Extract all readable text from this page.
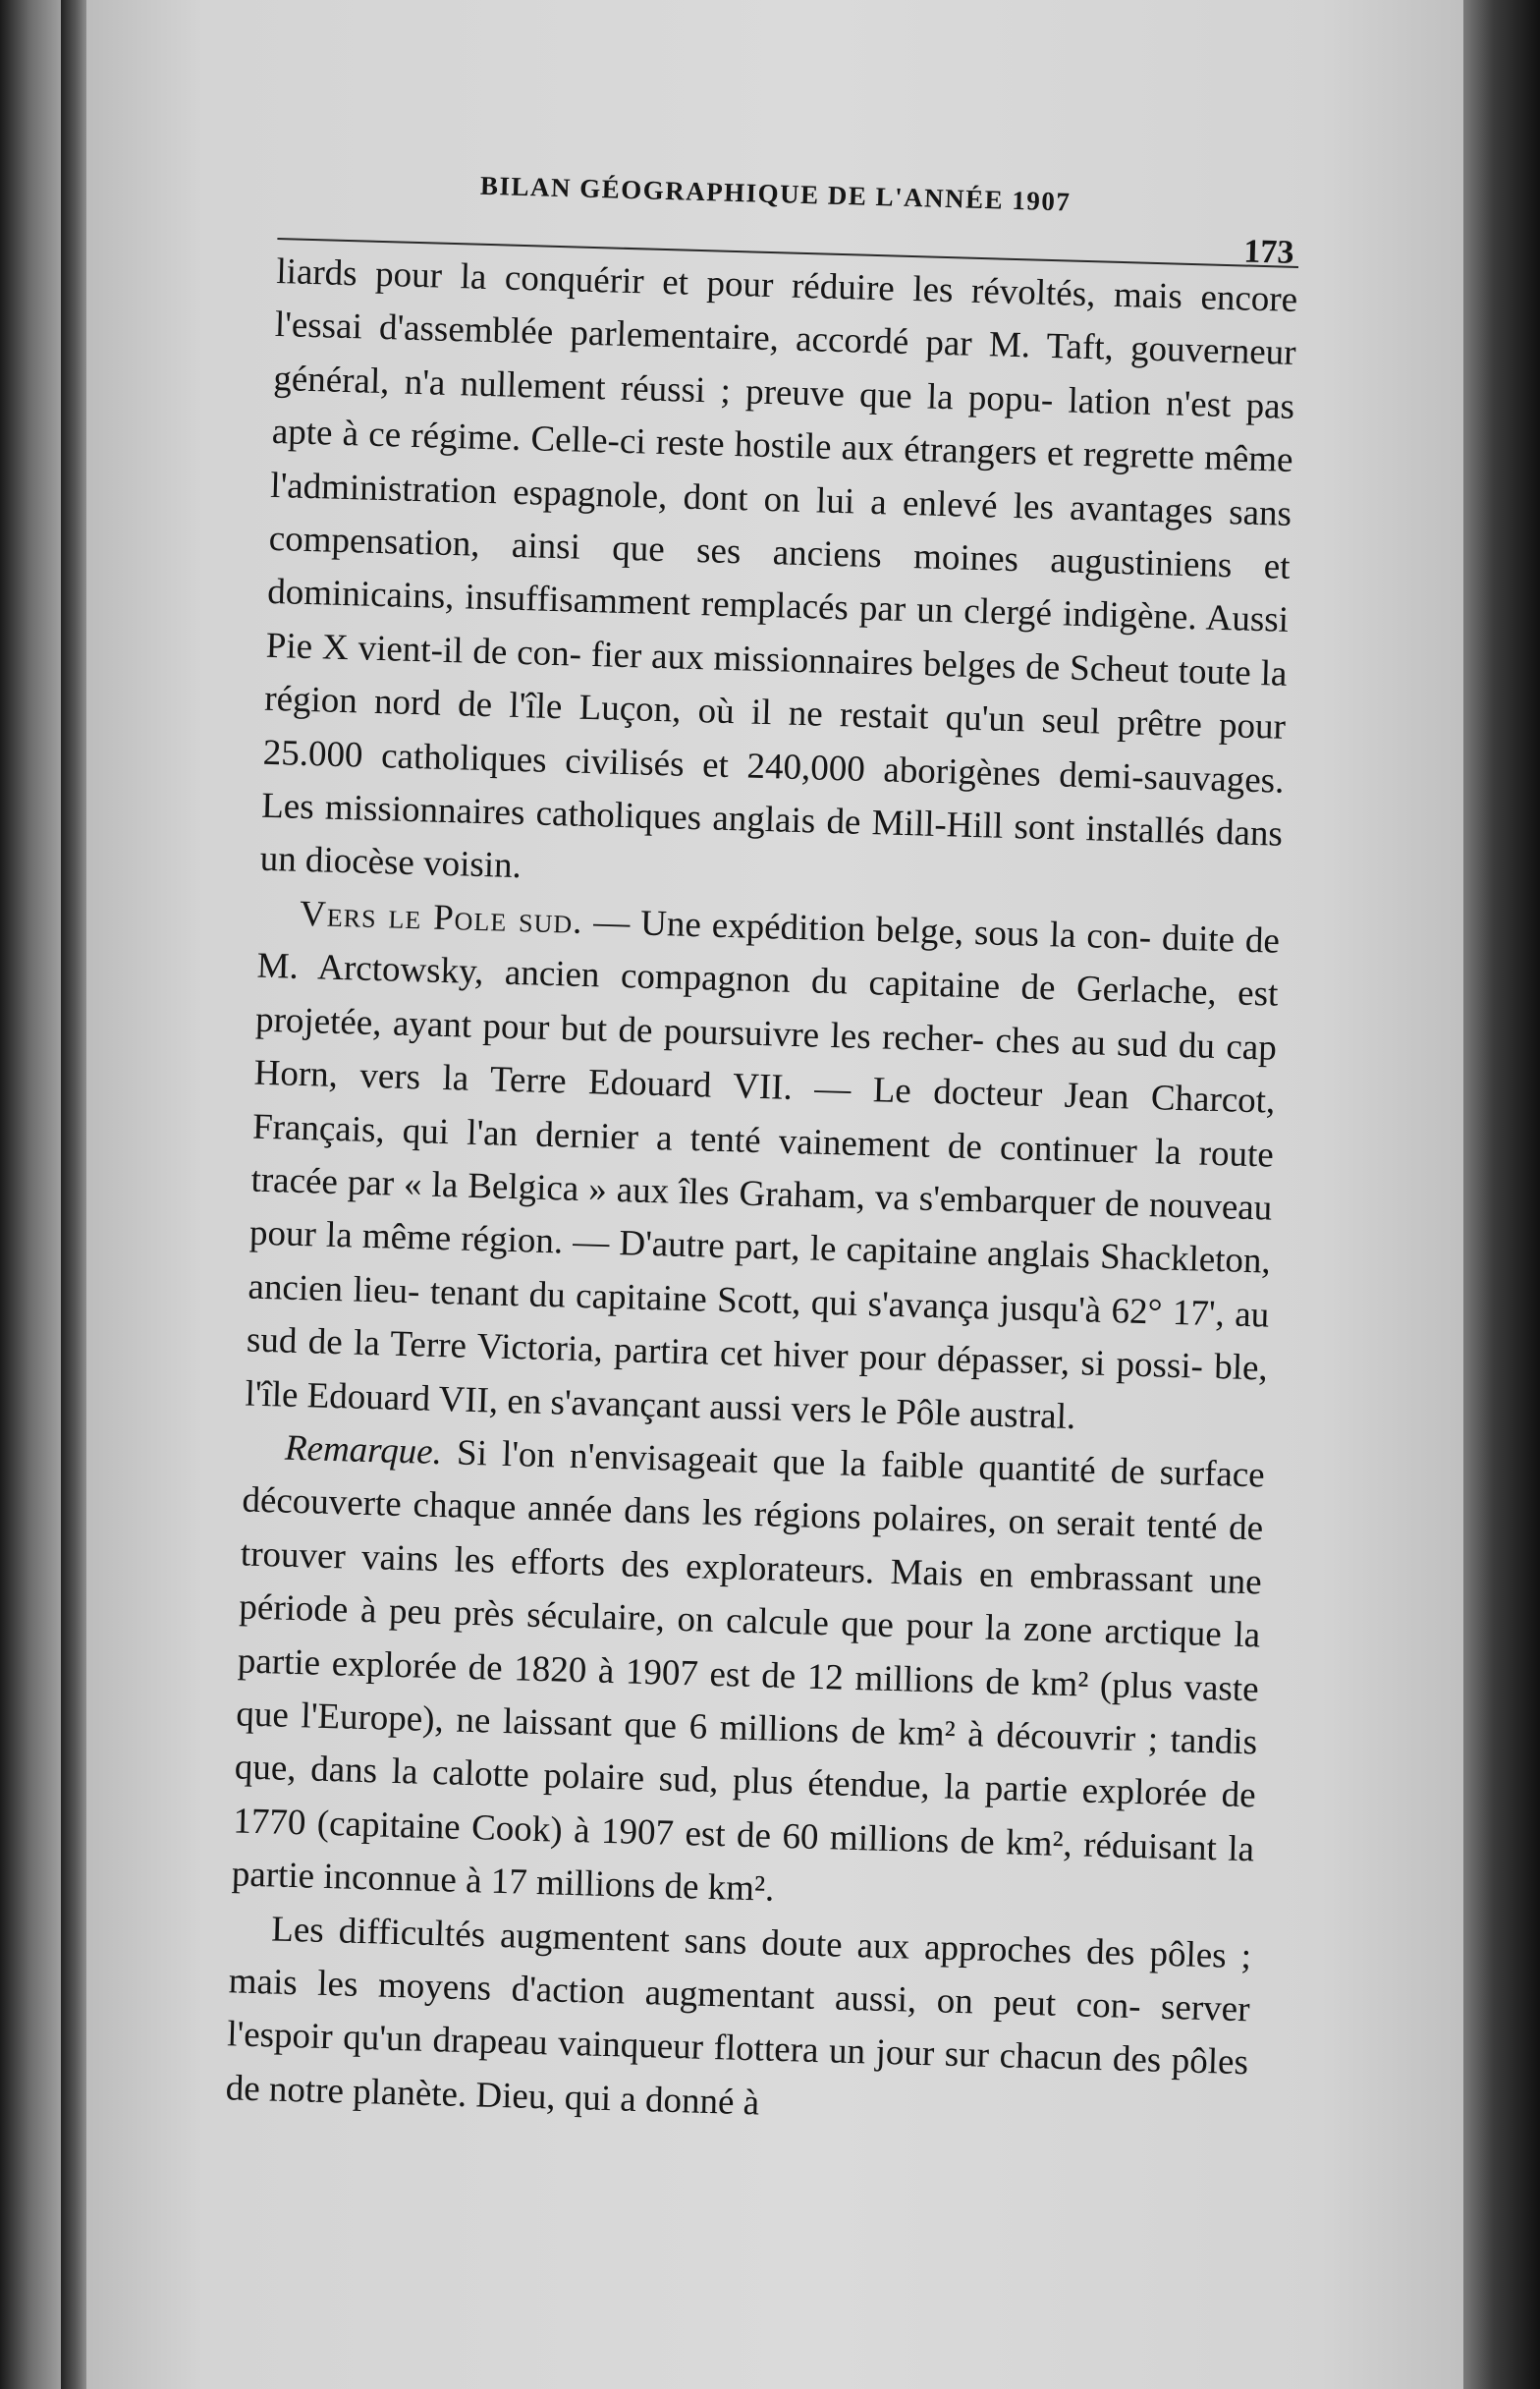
BILAN GÉOGRAPHIQUE DE L'ANNÉE 1907
173

liards pour la conquérir et pour réduire les révoltés, mais encore l'essai d'assemblée parlementaire, accordé par M. Taft, gouverneur général, n'a nullement réussi ; preuve que la popu- lation n'est pas apte à ce régime. Celle-ci reste hostile aux étrangers et regrette même l'administration espagnole, dont on lui a enlevé les avantages sans compensation, ainsi que ses anciens moines augustiniens et dominicains, insuffisamment remplacés par un clergé indigène. Aussi Pie X vient-il de con- fier aux missionnaires belges de Scheut toute la région nord de l'île Luçon, où il ne restait qu'un seul prêtre pour 25.000 catholiques civilisés et 240,000 aborigènes demi-sauvages. Les missionnaires catholiques anglais de Mill-Hill sont installés dans un diocèse voisin.

Vers le Pole sud. — Une expédition belge, sous la con- duite de M. Arctowsky, ancien compagnon du capitaine de Gerlache, est projetée, ayant pour but de poursuivre les recher- ches au sud du cap Horn, vers la Terre Edouard VII. — Le docteur Jean Charcot, Français, qui l'an dernier a tenté vainement de continuer la route tracée par « la Belgica » aux îles Graham, va s'embarquer de nouveau pour la même région. — D'autre part, le capitaine anglais Shackleton, ancien lieu- tenant du capitaine Scott, qui s'avança jusqu'à 62° 17', au sud de la Terre Victoria, partira cet hiver pour dépasser, si possi- ble, l'île Edouard VII, en s'avançant aussi vers le Pôle austral.

Remarque. Si l'on n'envisageait que la faible quantité de surface découverte chaque année dans les régions polaires, on serait tenté de trouver vains les efforts des explorateurs. Mais en embrassant une période à peu près séculaire, on calcule que pour la zone arctique la partie explorée de 1820 à 1907 est de 12 millions de km² (plus vaste que l'Europe), ne laissant que 6 millions de km² à découvrir ; tandis que, dans la calotte polaire sud, plus étendue, la partie explorée de 1770 (capitaine Cook) à 1907 est de 60 millions de km², réduisant la partie inconnue à 17 millions de km².

Les difficultés augmentent sans doute aux approches des pôles ; mais les moyens d'action augmentant aussi, on peut con- server l'espoir qu'un drapeau vainqueur flottera un jour sur chacun des pôles de notre planète. Dieu, qui a donné à
